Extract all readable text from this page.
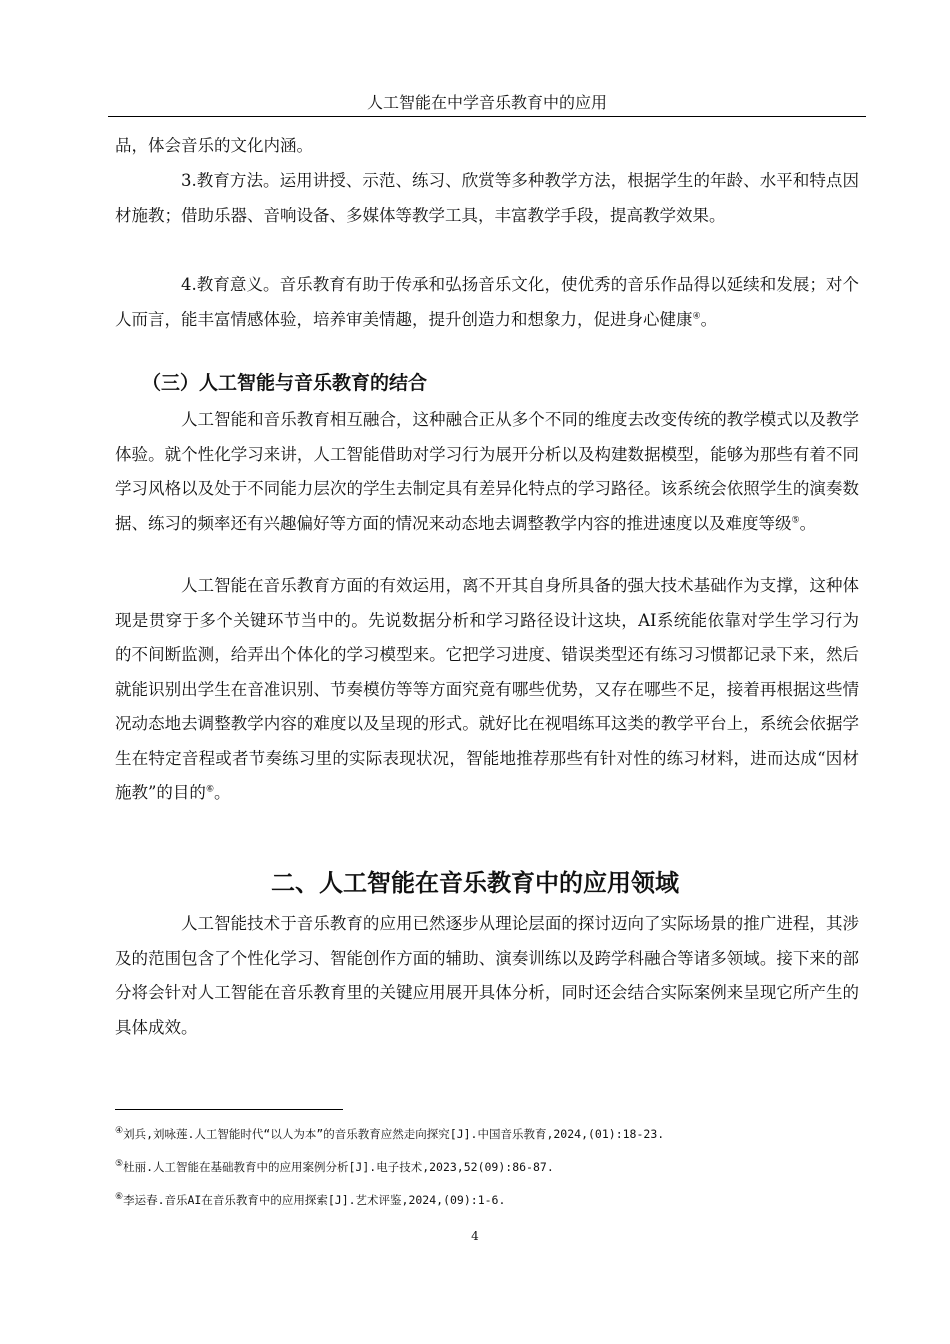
人工智能在中学音乐教育中的应用
品，体会音乐的文化内涵。
3.教育方法。运用讲授、示范、练习、欣赏等多种教学方法，根据学生的年龄、水平和特点因材施教；借助乐器、音响设备、多媒体等教学工具，丰富教学手段，提高教学效果。
4.教育意义。音乐教育有助于传承和弘扬音乐文化，使优秀的音乐作品得以延续和发展；对个人而言，能丰富情感体验，培养审美情趣，提升创造力和想象力，促进身心健康④。
（三）人工智能与音乐教育的结合
人工智能和音乐教育相互融合，这种融合正从多个不同的维度去改变传统的教学模式以及教学体验。就个性化学习来讲，人工智能借助对学习行为展开分析以及构建数据模型，能够为那些有着不同学习风格以及处于不同能力层次的学生去制定具有差异化特点的学习路径。该系统会依照学生的演奏数据、练习的频率还有兴趣偏好等方面的情况来动态地去调整教学内容的推进速度以及难度等级⑤。
人工智能在音乐教育方面的有效运用，离不开其自身所具备的强大技术基础作为支撑，这种体现是贯穿于多个关键环节当中的。先说数据分析和学习路径设计这块，AI系统能依靠对学生学习行为的不间断监测，给弄出个体化的学习模型来。它把学习进度、错误类型还有练习习惯都记录下来，然后就能识别出学生在音准识别、节奏模仿等等方面究竟有哪些优势，又存在哪些不足，接着再根据这些情况动态地去调整教学内容的难度以及呈现的形式。就好比在视唱练耳这类的教学平台上，系统会依据学生在特定音程或者节奏练习里的实际表现状况，智能地推荐那些有针对性的练习材料，进而达成“因材施教”的目的⑥。
二、人工智能在音乐教育中的应用领域
人工智能技术于音乐教育的应用已然逐步从理论层面的探讨迈向了实际场景的推广进程，其涉及的范围包含了个性化学习、智能创作方面的辅助、演奏训练以及跨学科融合等诸多领域。接下来的部分将会针对人工智能在音乐教育里的关键应用展开具体分析，同时还会结合实际案例来呈现它所产生的具体成效。
④刘兵,刘咏莲.人工智能时代“以人为本”的音乐教育应然走向探究[J].中国音乐教育,2024,(01):18-23.
⑤杜丽.人工智能在基础教育中的应用案例分析[J].电子技术,2023,52(09):86-87.
⑥李运春.音乐AI在音乐教育中的应用探索[J].艺术评鉴,2024,(09):1-6.
4
